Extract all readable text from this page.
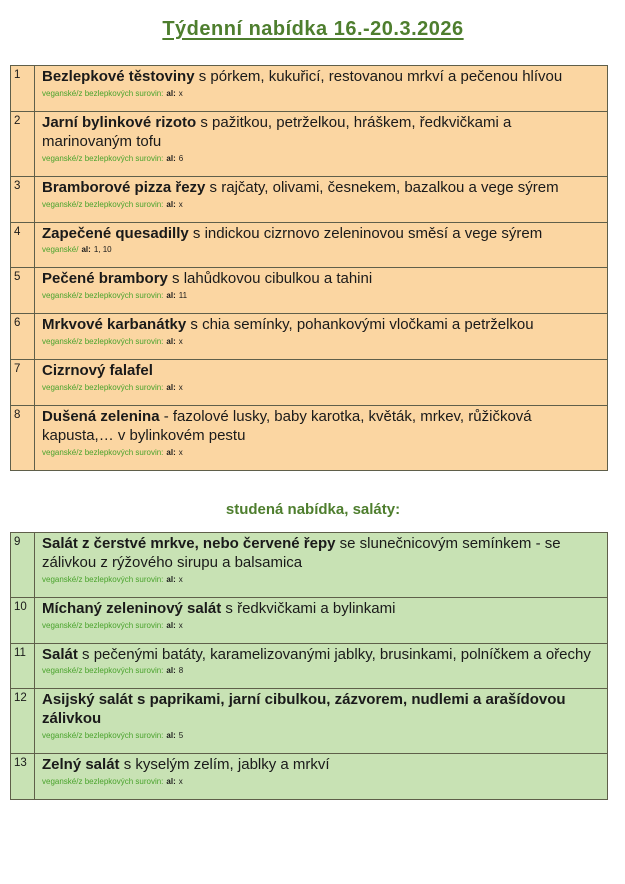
Týdenní nabídka 16.-20.3.2026
1	Bezlepkové těstoviny s pórkem, kukuřicí, restovanou mrkví a pečenou hlívou
veganské/z bezlepkových surovin: al: x

2	Jarní bylinkové rizoto s pažitkou, petrželkou, hráškem, ředkvičkami a marinovaným tofu
veganské/z bezlepkových surovin: al: 6

3	Bramborové pizza řezy s rajčaty, olivami, česnekem, bazalkou a vege sýrem
veganské/z bezlepkových surovin: al: x

4	Zapečené quesadilly s indickou cizrnovo zeleninovou směsí a vege sýrem
veganské/ al: 1, 10

5	Pečené brambory s lahůdkovou cibulkou a tahini
veganské/z bezlepkových surovin: al: 11

6	Mrkvové karbanátky s chia semínky, pohankovými vločkami a petrželkou
veganské/z bezlepkových surovin: al: x

7	Cizrnový falafel
veganské/z bezlepkových surovin: al: x

8	Dušená zelenina - fazolové lusky, baby karotka, květák, mrkev, růžičková kapusta,… v bylinkovém pestu
veganské/z bezlepkových surovin: al: x
studená nabídka, saláty:
9	Salát z čerstvé mrkve, nebo červené řepy se slunečnicovým semínkem - se zálivkou z rýžového sirupu a balsamica
veganské/z bezlepkových surovin: al: x

10	Míchaný zeleninový salát s ředkvičkami a bylinkami
veganské/z bezlepkových surovin: al: x

11	Salát s pečenými batáty, karamelizovanými jablky, brusinkami, polníčkem a ořechy
veganské/z bezlepkových surovin: al: 8

12	Asijský salát s paprikami, jarní cibulkou, zázvorem, nudlemi a arašídovou zálivkou
veganské/z bezlepkových surovin: al: 5

13	Zelný salát s kyselým zelím, jablky a mrkví
veganské/z bezlepkových surovin: al: x
